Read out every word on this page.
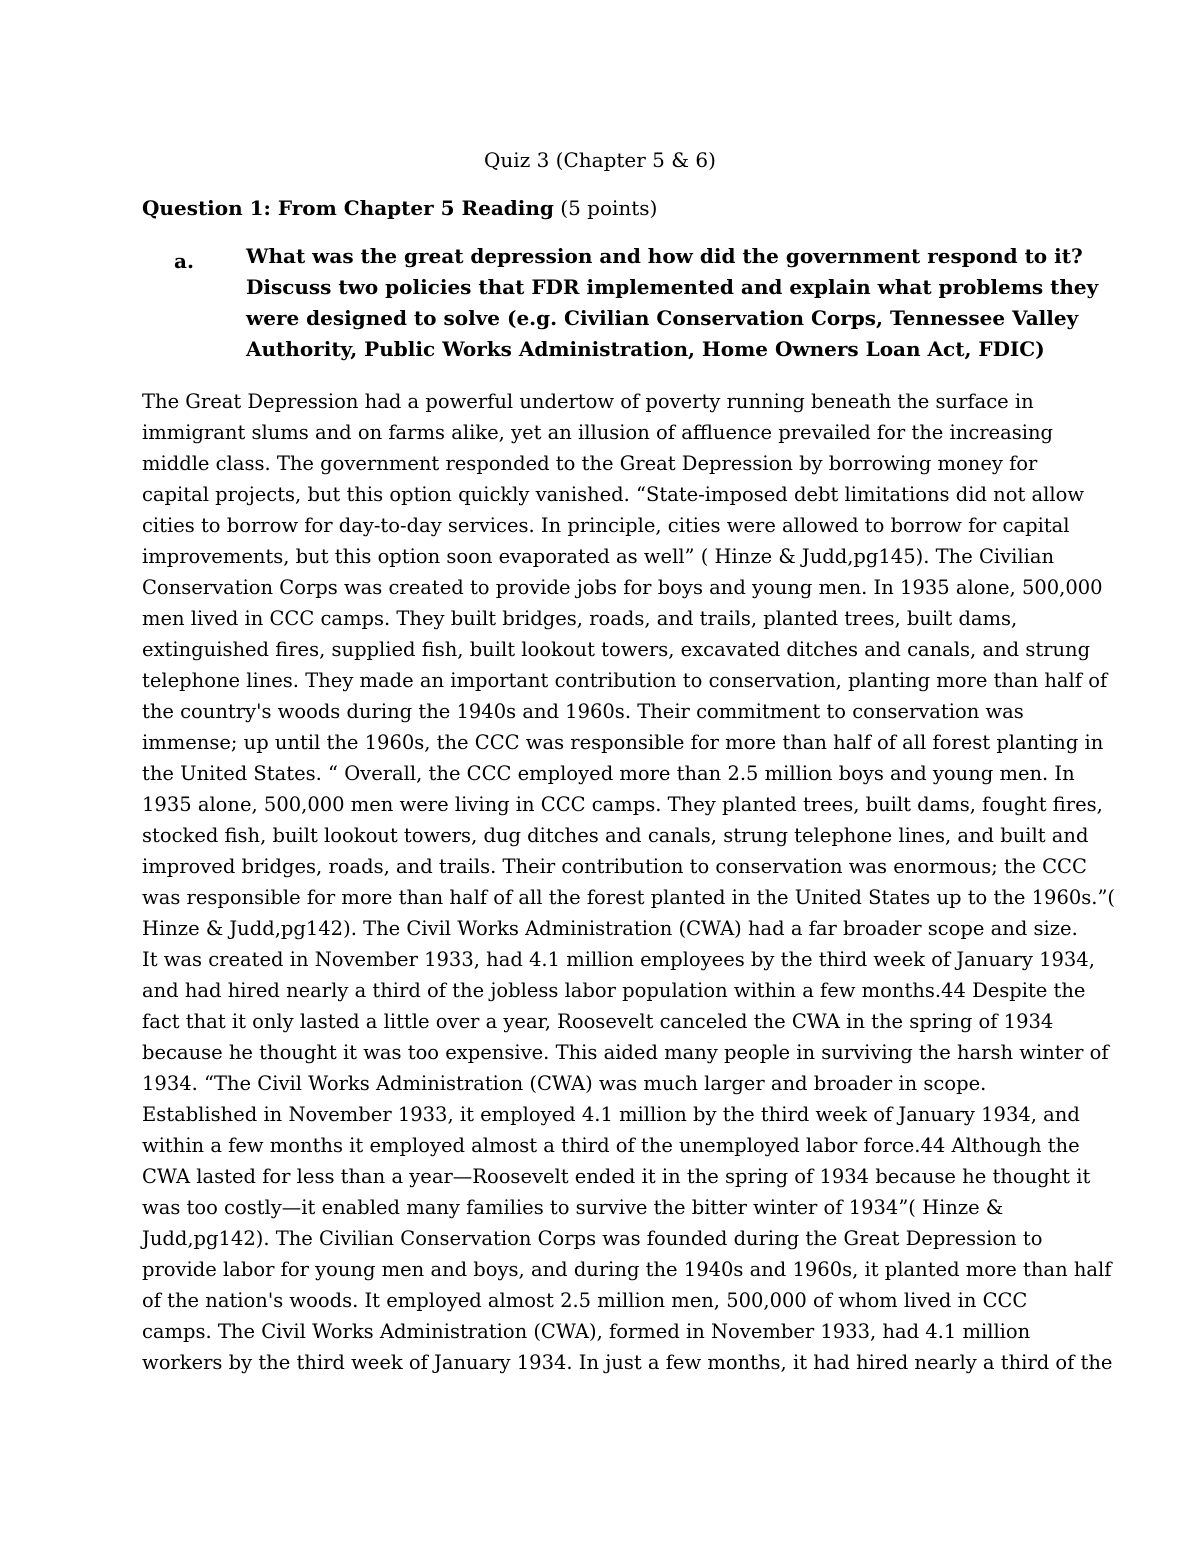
Quiz 3 (Chapter 5 & 6)
Question 1: From Chapter 5 Reading (5 points)
a.	What was the great depression and how did the government respond to it?
Discuss two policies that FDR implemented and explain what problems they
were designed to solve (e.g. Civilian Conservation Corps, Tennessee Valley
Authority, Public Works Administration, Home Owners Loan Act, FDIC)
The Great Depression had a powerful undertow of poverty running beneath the surface in
immigrant slums and on farms alike, yet an illusion of affluence prevailed for the increasing
middle class. The government responded to the Great Depression by borrowing money for
capital projects, but this option quickly vanished. “State-imposed debt limitations did not allow
cities to borrow for day-to-day services. In principle, cities were allowed to borrow for capital
improvements, but this option soon evaporated as well” ( Hinze & Judd,pg145). The Civilian
Conservation Corps was created to provide jobs for boys and young men. In 1935 alone, 500,000
men lived in CCC camps. They built bridges, roads, and trails, planted trees, built dams,
extinguished fires, supplied fish, built lookout towers, excavated ditches and canals, and strung
telephone lines. They made an important contribution to conservation, planting more than half of
the country's woods during the 1940s and 1960s. Their commitment to conservation was
immense; up until the 1960s, the CCC was responsible for more than half of all forest planting in
the United States. “ Overall, the CCC employed more than 2.5 million boys and young men. In
1935 alone, 500,000 men were living in CCC camps. They planted trees, built dams, fought fires,
stocked fish, built lookout towers, dug ditches and canals, strung telephone lines, and built and
improved bridges, roads, and trails. Their contribution to conservation was enormous; the CCC
was responsible for more than half of all the forest planted in the United States up to the 1960s.”(
Hinze & Judd,pg142). The Civil Works Administration (CWA) had a far broader scope and size.
It was created in November 1933, had 4.1 million employees by the third week of January 1934,
and had hired nearly a third of the jobless labor population within a few months.44 Despite the
fact that it only lasted a little over a year, Roosevelt canceled the CWA in the spring of 1934
because he thought it was too expensive. This aided many people in surviving the harsh winter of
1934. “The Civil Works Administration (CWA) was much larger and broader in scope.
Established in November 1933, it employed 4.1 million by the third week of January 1934, and
within a few months it employed almost a third of the unemployed labor force.44 Although the
CWA lasted for less than a year—Roosevelt ended it in the spring of 1934 because he thought it
was too costly—it enabled many families to survive the bitter winter of 1934”( Hinze &
Judd,pg142). The Civilian Conservation Corps was founded during the Great Depression to
provide labor for young men and boys, and during the 1940s and 1960s, it planted more than half
of the nation's woods. It employed almost 2.5 million men, 500,000 of whom lived in CCC
camps. The Civil Works Administration (CWA), formed in November 1933, had 4.1 million
workers by the third week of January 1934. In just a few months, it had hired nearly a third of the
